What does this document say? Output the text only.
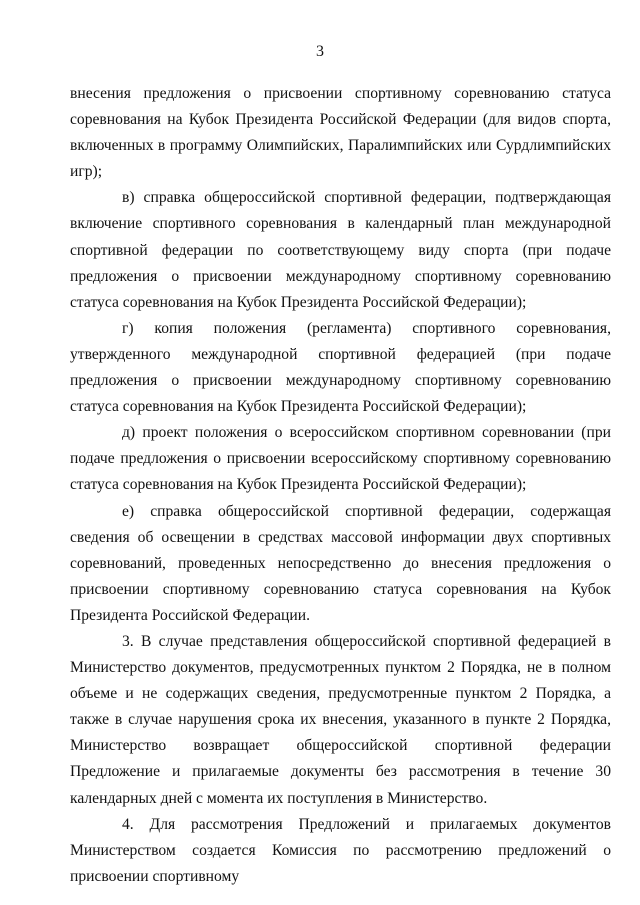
3

внесения предложения о присвоении спортивному соревнованию статуса соревнования на Кубок Президента Российской Федерации (для видов спорта, включенных в программу Олимпийских, Паралимпийских или Сурдлимпийских игр);

в) справка общероссийской спортивной федерации, подтверждающая включение спортивного соревнования в календарный план международной спортивной федерации по соответствующему виду спорта (при подаче предложения о присвоении международному спортивному соревнованию статуса соревнования на Кубок Президента Российской Федерации);

г) копия положения (регламента) спортивного соревнования, утвержденного международной спортивной федерацией (при подаче предложения о присвоении международному спортивному соревнованию статуса соревнования на Кубок Президента Российской Федерации);

д) проект положения о всероссийском спортивном соревновании (при подаче предложения о присвоении всероссийскому спортивному соревнованию статуса соревнования на Кубок Президента Российской Федерации);

е) справка общероссийской спортивной федерации, содержащая сведения об освещении в средствах массовой информации двух спортивных соревнований, проведенных непосредственно до внесения предложения о присвоении спортивному соревнованию статуса соревнования на Кубок Президента Российской Федерации.

3. В случае представления общероссийской спортивной федерацией в Министерство документов, предусмотренных пунктом 2 Порядка, не в полном объеме и не содержащих сведения, предусмотренные пунктом 2 Порядка, а также в случае нарушения срока их внесения, указанного в пункте 2 Порядка, Министерство возвращает общероссийской спортивной федерации Предложение и прилагаемые документы без рассмотрения в течение 30 календарных дней с момента их поступления в Министерство.

4. Для рассмотрения Предложений и прилагаемых документов Министерством создается Комиссия по рассмотрению предложений о присвоении спортивному
